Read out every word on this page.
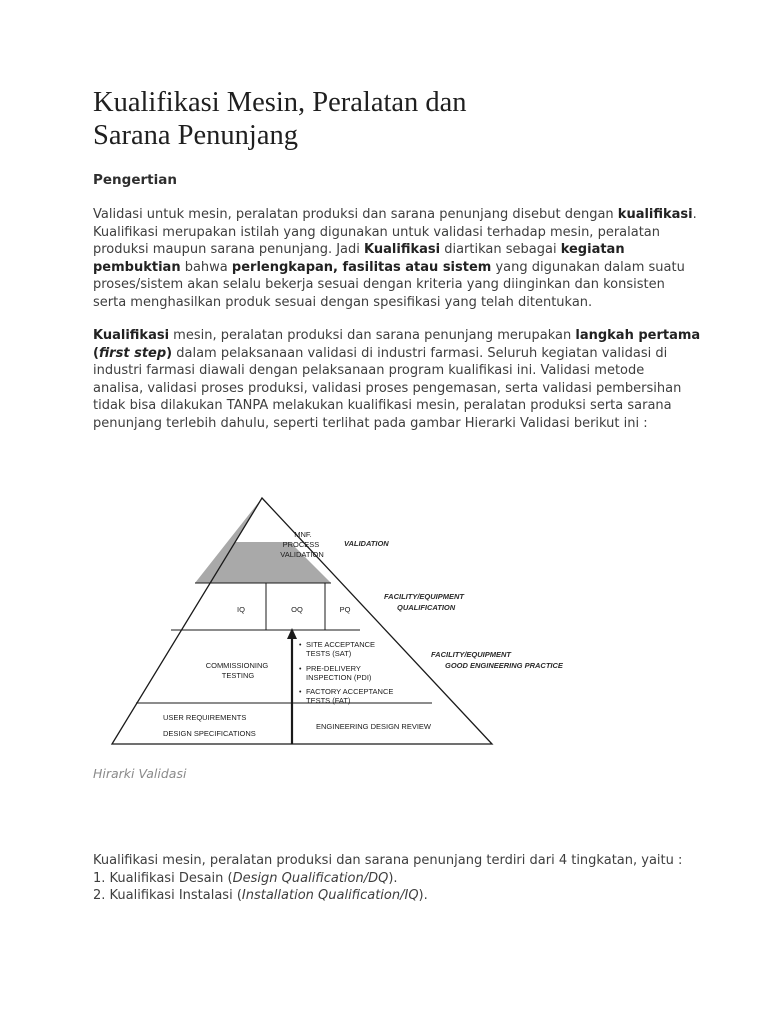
Kualifikasi Mesin, Peralatan dan
Sarana Penunjang
Pengertian

Validasi untuk mesin, peralatan produksi dan sarana penunjang disebut dengan kualifikasi.
Kualifikasi merupakan istilah yang digunakan untuk validasi terhadap mesin, peralatan
produksi maupun sarana penunjang. Jadi Kualifikasi diartikan sebagai kegiatan
pembuktian bahwa perlengkapan, fasilitas atau sistem yang digunakan dalam suatu
proses/sistem akan selalu bekerja sesuai dengan kriteria yang diinginkan dan konsisten
serta menghasilkan produk sesuai dengan spesifikasi yang telah ditentukan.

Kualifikasi mesin, peralatan produksi dan sarana penunjang merupakan langkah pertama
(first step) dalam pelaksanaan validasi di industri farmasi. Seluruh kegiatan validasi di
industri farmasi diawali dengan pelaksanaan program kualifikasi ini. Validasi metode
analisa, validasi proses produksi, validasi proses pengemasan, serta validasi pembersihan
tidak bisa dilakukan TANPA melakukan kualifikasi mesin, peralatan produksi serta sarana
penunjang terlebih dahulu, seperti terlihat pada gambar Hierarki Validasi berikut ini :

MNF. PROCESS VALIDATION
VALIDATION
IQ	OQ	PQ
FACILITY/EQUIPMENT QUALIFICATION
COMMISSIONING TESTING
•
•
•
SITE ACCEPTANCE TESTS (SAT) PRE-DELIVERY INSPECTION (PDI) FACTORY ACCEPTANCE TESTS (FAT)
FACILITY/EQUIPMENT GOOD ENGINEERING PRACTICE
USER REQUIREMENTS DESIGN SPECIFICATIONS
ENGINEERING DESIGN REVIEW

Hirarki Validasi

Kualifikasi mesin, peralatan produksi dan sarana penunjang terdiri dari 4 tingkatan, yaitu :
1. Kualifikasi Desain (Design Qualification/DQ).
2. Kualifikasi Instalasi (Installation Qualification/IQ).
